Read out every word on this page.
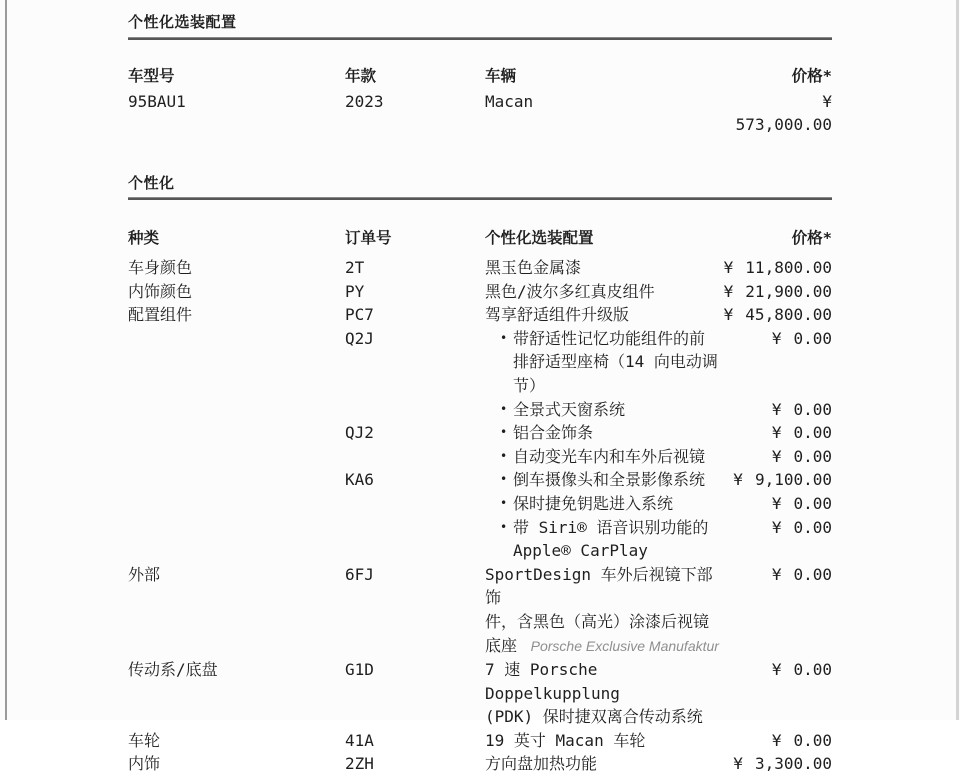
个性化选装配置
车型号	年款	车辆	价格*
95BAU1	2023	Macan	¥
573,000.00
个性化
种类	订单号	个性化选装配置	价格*
车身颜色	2T	黑玉色金属漆	¥ 11,800.00
内饰颜色	PY	黑色/波尔多红真皮组件	¥ 21,900.00
配置组件	PC7	驾享舒适组件升级版	¥ 45,800.00
Q2J	• 带舒适性记忆功能组件的前
排舒适型座椅（14 向电动调
节）
¥ 0.00
• 全景式天窗系统	¥ 0.00
QJ2	• 铝合金饰条	¥ 0.00
• 自动变光车内和车外后视镜	¥ 0.00
KA6	• 倒车摄像头和全景影像系统	¥ 9,100.00
• 保时捷免钥匙进入系统	¥ 0.00
• 带 Siri® 语音识别功能的
Apple® CarPlay
¥ 0.00
外部	6FJ	SportDesign 车外后视镜下部饰
件，含黑色（高光）涂漆后视镜
底座 Porsche Exclusive Manufaktur
¥ 0.00
传动系/底盘	G1D	7 速 Porsche Doppelkupplung
(PDK) 保时捷双离合传动系统
¥ 0.00
车轮	41A	19 英寸 Macan 车轮	¥ 0.00
内饰	2ZH	方向盘加热功能	¥ 3,300.00
